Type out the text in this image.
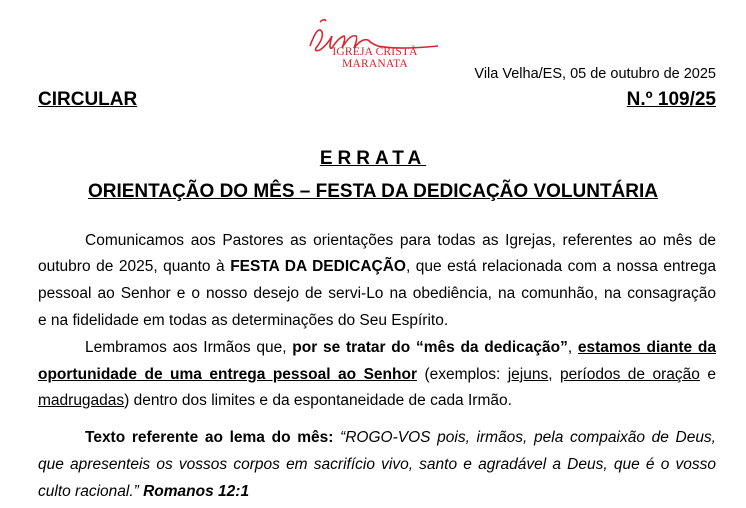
IGREJA CRISTÃ MARANATA
Vila Velha/ES, 05 de outubro de 2025
CIRCULAR	N.º 109/25
ERRATA
ORIENTAÇÃO DO MÊS – FESTA DA DEDICAÇÃO VOLUNTÁRIA
Comunicamos aos Pastores as orientações para todas as Igrejas, referentes ao mês de
outubro de 2025, quanto à FESTA DA DEDICAÇÃO, que está relacionada com a nossa entrega
pessoal ao Senhor e o nosso desejo de servi-Lo na obediência, na comunhão, na consagração
e na fidelidade em todas as determinações do Seu Espírito.
Lembramos aos Irmãos que, por se tratar do “mês da dedicação”, estamos diante da
oportunidade de uma entrega pessoal ao Senhor (exemplos: jejuns, períodos de oração e
madrugadas) dentro dos limites e da espontaneidade de cada Irmão.
Texto referente ao lema do mês: “ROGO-VOS pois, irmãos, pela compaixão de Deus,
que apresenteis os vossos corpos em sacrifício vivo, santo e agradável a Deus, que é o vosso
culto racional.” Romanos 12:1
